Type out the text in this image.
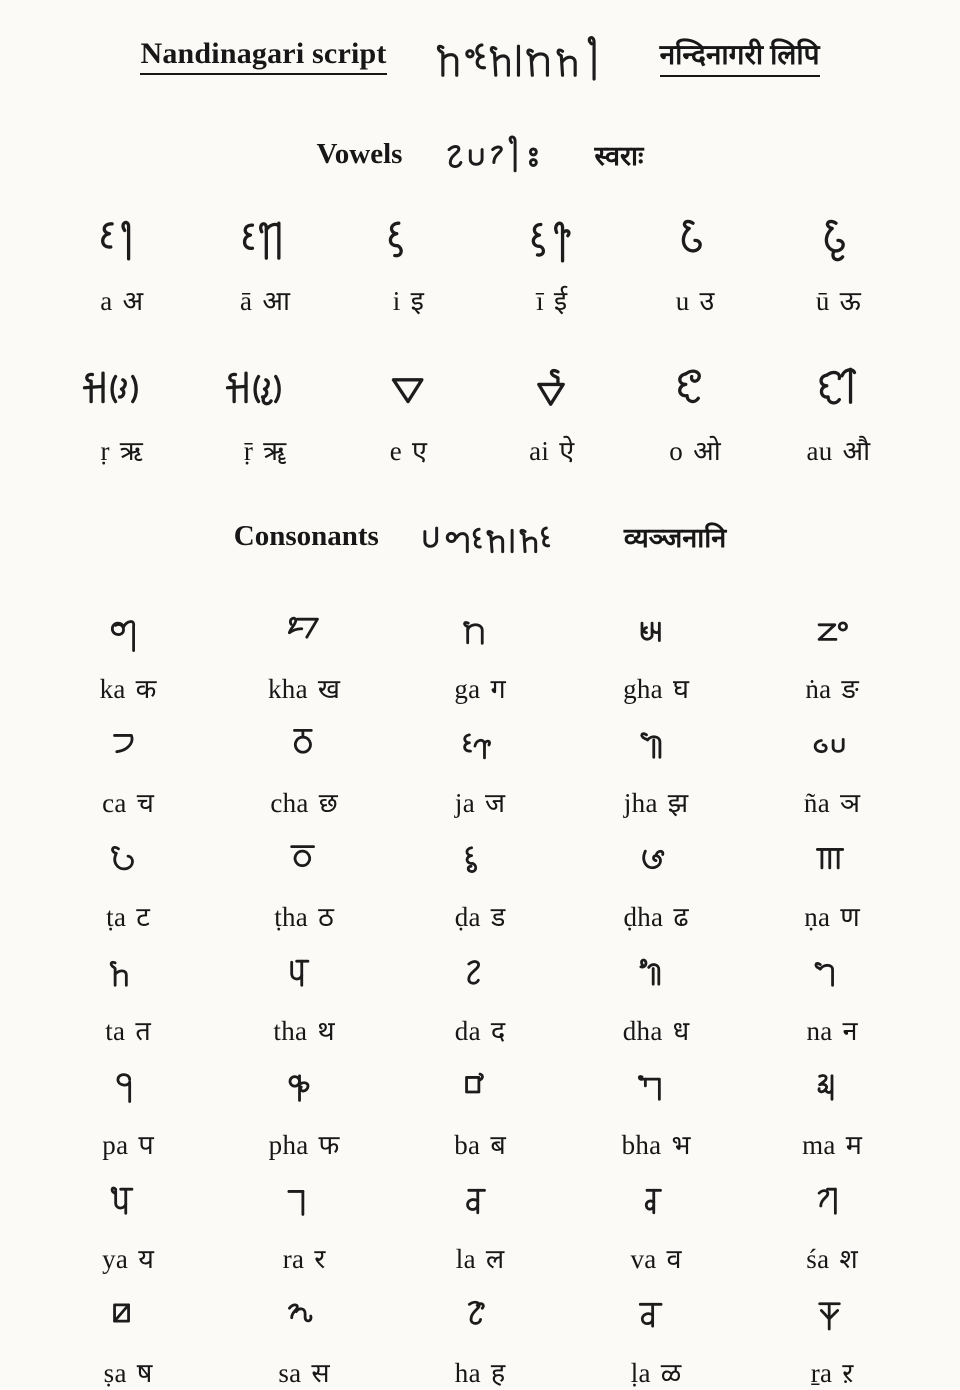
Nandinagari script	नन्दिनागरी लिपि
Vowels	स्वराः
a अ	ā आ	i इ	ī ई	u उ	ū ऊ
ṛ ऋ	ṝ ॠ	e ए	ai ऐ	o ओ	au औ
Consonants	व्यञ्जनानि
ka क	kha ख	ga ग	gha घ	ṅa ङ
ca च	cha छ	ja ज	jha झ	ña ञ
ṭa ट	ṭha ठ	ḍa ड	ḍha ढ	ṇa ण
ta त	tha थ	da द	dha ध	na न
pa प	pha फ	ba ब	bha भ	ma म
ya य	ra र	la ल	va व	śa श
ṣa ष	sa स	ha ह	ḷa ळ	ṟa ऱ
